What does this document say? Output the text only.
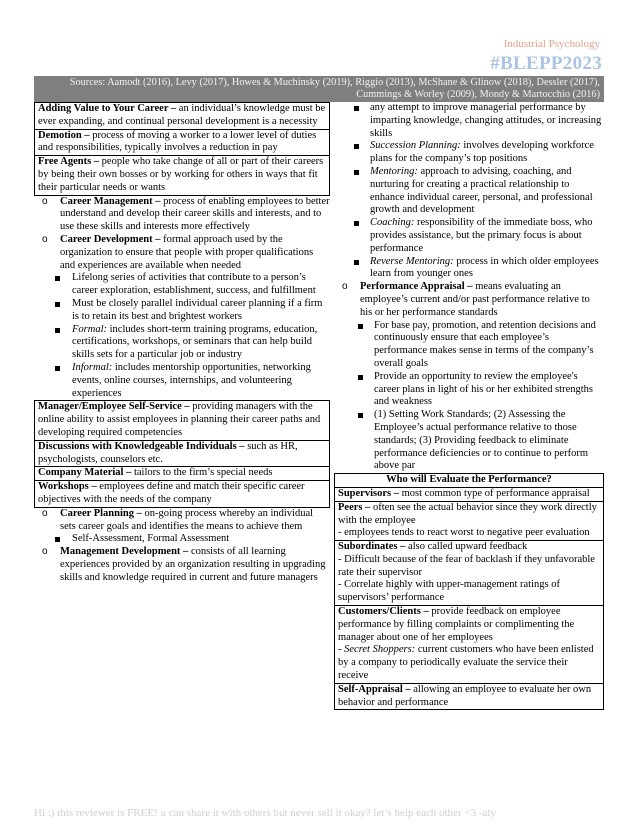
Industrial Psychology
#BLEPP2023
Sources: Aamodt (2016), Levy (2017), Howes & Muchinsky (2019), Riggio (2013), McShane & Glinow (2018), Dessler (2017), Cummings & Worley (2009), Mondy & Martocchio (2016)
Adding Value to Your Career – an individual’s knowledge must be ever expanding, and continual personal development is a necessity
Demotion – process of moving a worker to a lower level of duties and responsibilities, typically involves a reduction in pay
Free Agents – people who take change of all or part of their careers by being their own bosses or by working for others in ways that fit their particular needs or wants
o Career Management – process of enabling employees to better understand and develop their career skills and interests, and to use these skills and interests more effectively
o Career Development – formal approach used by the organization to ensure that people with proper qualifications and experiences are available when needed
Lifelong series of activities that contribute to a person’s career exploration, establishment, success, and fulfillment
Must be closely parallel individual career planning if a firm is to retain its best and brightest workers
Formal: includes short-term training programs, education, certifications, workshops, or seminars that can help build skills sets for a particular job or industry
Informal: includes mentorship opportunities, networking events, online courses, internships, and volunteering experiences
Manager/Employee Self-Service – providing managers with the online ability to assist employees in planning their career paths and developing required competencies
Discussions with Knowledgeable Individuals – such as HR, psychologists, counselors etc.
Company Material – tailors to the firm’s special needs
Workshops – employees define and match their specific career objectives with the needs of the company
o Career Planning – on-going process whereby an individual sets career goals and identifies the means to achieve them
Self-Assessment, Formal Assessment
o Management Development – consists of all learning experiences provided by an organization resulting in upgrading skills and knowledge required in current and future managers
any attempt to improve managerial performance by imparting knowledge, changing attitudes, or increasing skills
Succession Planning: involves developing workforce plans for the company’s top positions
Mentoring: approach to advising, coaching, and nurturing for creating a practical relationship to enhance individual career, personal, and professional growth and development
Coaching: responsibility of the immediate boss, who provides assistance, but the primary focus is about performance
Reverse Mentoring: process in which older employees learn from younger ones
o Performance Appraisal – means evaluating an employee’s current and/or past performance relative to his or her performance standards
For base pay, promotion, and retention decisions and continuously ensure that each employee’s performance makes sense in terms of the company’s overall goals
Provide an opportunity to review the employee's career plans in light of his or her exhibited strengths and weakness
(1) Setting Work Standards; (2) Assessing the Employee’s actual performance relative to those standards; (3) Providing feedback to eliminate performance deficiencies or to continue to perform above par
Who will Evaluate the Performance?
Supervisors – most common type of performance appraisal
Peers – often see the actual behavior since they work directly with the employee
- employees tends to react worst to negative peer evaluation
Subordinates – also called upward feedback
- Difficult because of the fear of backlash if they unfavorable rate their supervisor
- Correlate highly with upper-management ratings of supervisors’ performance
Customers/Clients – provide feedback on employee performance by filling complaints or complimenting the manager about one of her employees
- Secret Shoppers: current customers who have been enlisted by a company to periodically evaluate the service their receive
Self-Appraisal – allowing an employee to evaluate her own behavior and performance
Hi :) this reviewer is FREE! u can share it with others but never sell it okay? let’s help each other <3 -aly
